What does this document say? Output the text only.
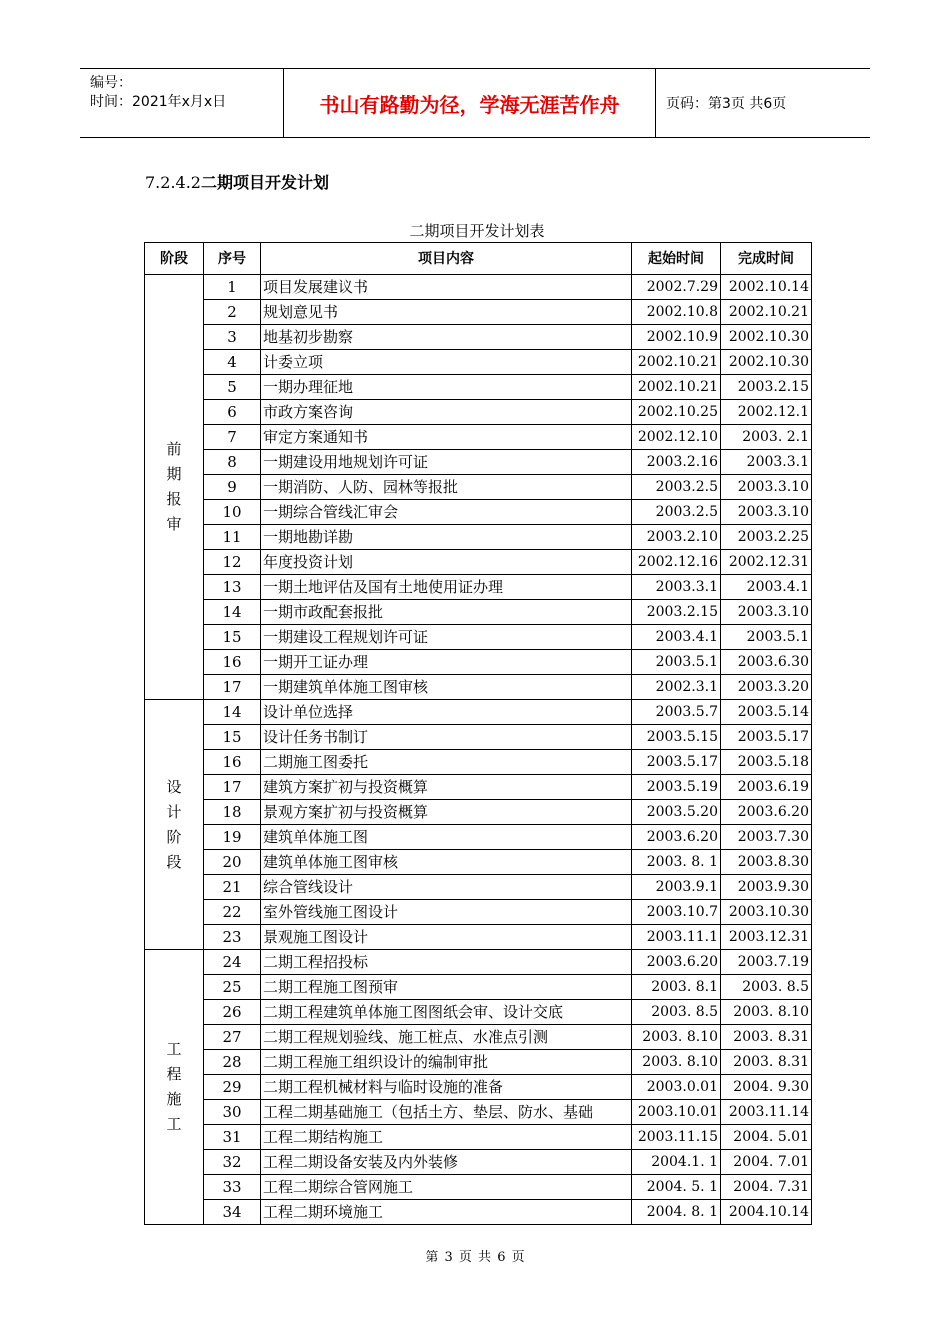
编号：
时间：2021年x月x日	书山有路勤为径，学海无涯苦作舟	页码：第3页 共6页
7.2.4.2二期项目开发计划
二期项目开发计划表
阶段	序号	项目内容	起始时间	完成时间

前
期
报
审	1	项目发展建议书	2002.7.29	2002.10.14
	2	规划意见书	2002.10.8	2002.10.21
	3	地基初步勘察	2002.10.9	2002.10.30
	4	计委立项	2002.10.21	2002.10.30
	5	一期办理征地	2002.10.21	2003.2.15
	6	市政方案咨询	2002.10.25	2002.12.1
	7	审定方案通知书	2002.12.10	2003. 2.1
	8	一期建设用地规划许可证	2003.2.16	2003.3.1
	9	一期消防、人防、园林等报批	2003.2.5	2003.3.10
	10	一期综合管线汇审会	2003.2.5	2003.3.10
	11	一期地勘详勘	2003.2.10	2003.2.25
	12	年度投资计划	2002.12.16	2002.12.31
	13	一期土地评估及国有土地使用证办理	2003.3.1	2003.4.1
	14	一期市政配套报批	2003.2.15	2003.3.10
	15	一期建设工程规划许可证	2003.4.1	2003.5.1
	16	一期开工证办理	2003.5.1	2003.6.30
	17	一期建筑单体施工图审核	2002.3.1	2003.3.20

设
计
阶
段	14	设计单位选择	2003.5.7	2003.5.14
	15	设计任务书制订	2003.5.15	2003.5.17
	16	二期施工图委托	2003.5.17	2003.5.18
	17	建筑方案扩初与投资概算	2003.5.19	2003.6.19
	18	景观方案扩初与投资概算	2003.5.20	2003.6.20
	19	建筑单体施工图	2003.6.20	2003.7.30
	20	建筑单体施工图审核	2003. 8. 1	2003.8.30
	21	综合管线设计	2003.9.1	2003.9.30
	22	室外管线施工图设计	2003.10.7	2003.10.30
	23	景观施工图设计	2003.11.1	2003.12.31

工
程
施
工	24	二期工程招投标	2003.6.20	2003.7.19
	25	二期工程施工图预审	2003. 8.1	2003. 8.5
	26	二期工程建筑单体施工图图纸会审、设计交底	2003. 8.5	2003. 8.10
	27	二期工程规划验线、施工桩点、水准点引测	2003. 8.10	2003. 8.31
	28	二期工程施工组织设计的编制审批	2003. 8.10	2003. 8.31
	29	二期工程机械材料与临时设施的准备	2003.0.01	2004. 9.30
	30	工程二期基础施工（包括土方、垫层、防水、基础	2003.10.01	2003.11.14
	31	工程二期结构施工	2003.11.15	2004. 5.01
	32	工程二期设备安装及内外装修	2004.1. 1	2004. 7.01
	33	工程二期综合管网施工	2004. 5. 1	2004. 7.31
	34	工程二期环境施工	2004. 8. 1	2004.10.14
第 3 页 共 6 页
